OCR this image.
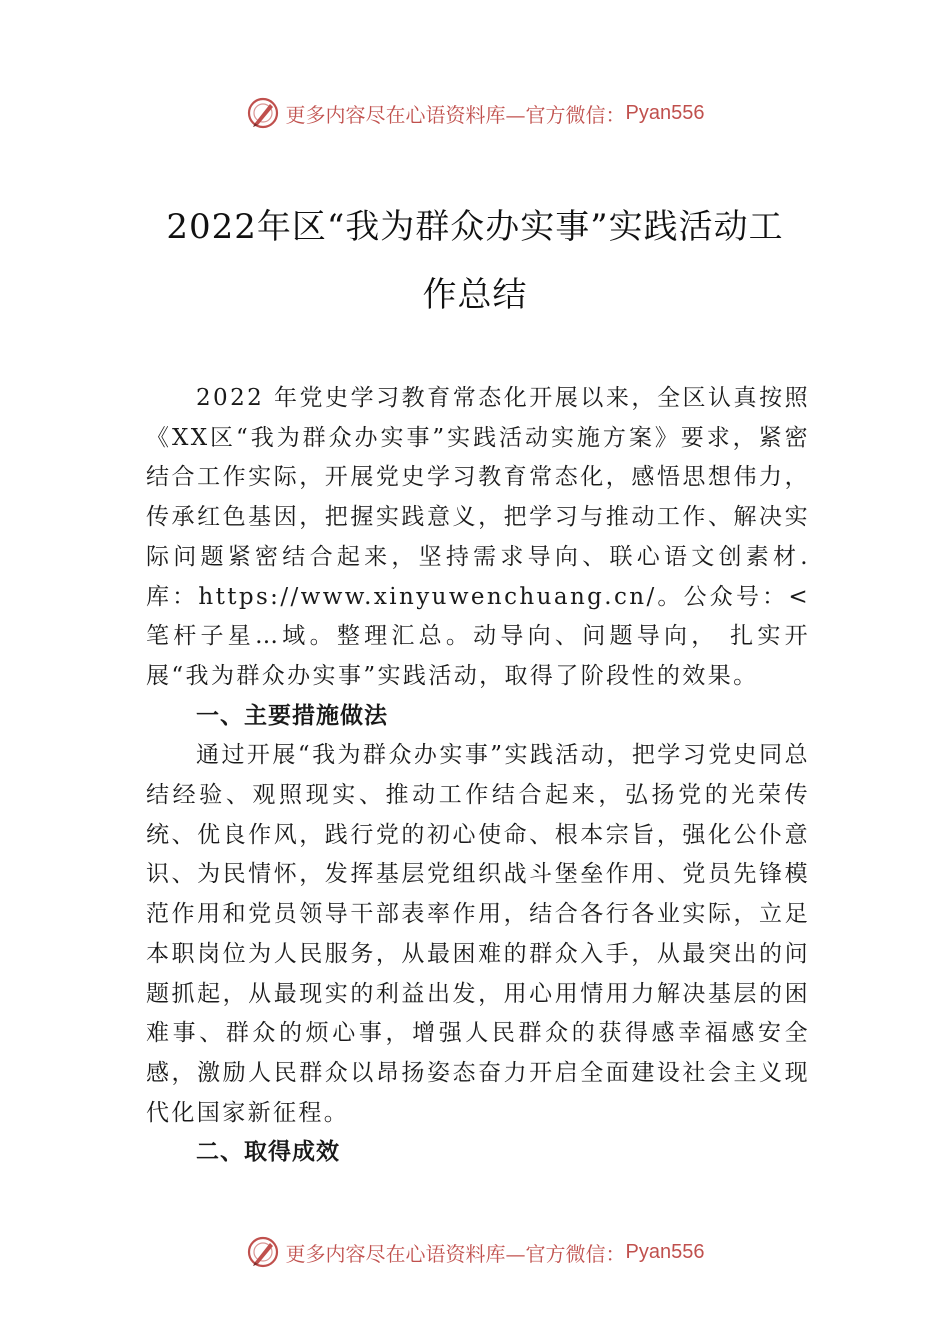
更多内容尽在心语资料库—官方微信： Pyan556
2022年区“我为群众办实事”实践活动工
作总结

2022 年党史学习教育常态化开展以来，全区认真按照《XX区“我为群众办实事”实践活动实施方案》要求，紧密结合工作实际，开展党史学习教育常态化，感悟思想伟力，传承红色基因，把握实践意义，把学习与推动工作、解决实际问题紧密结合起来，坚持需求导向、联心语文创素材.库：https://www.xinyuwenchuang.cn/。公众号：<笔杆子星…域。整理汇总。动导向、问题导向， 扎实开展“我为群众办实事”实践活动，取得了阶段性的效果。

一、主要措施做法

通过开展“我为群众办实事”实践活动，把学习党史同总结经验、观照现实、推动工作结合起来，弘扬党的光荣传统、优良作风，践行党的初心使命、根本宗旨，强化公仆意识、为民情怀，发挥基层党组织战斗堡垒作用、党员先锋模范作用和党员领导干部表率作用，结合各行各业实际，立足本职岗位为人民服务，从最困难的群众入手，从最突出的问题抓起，从最现实的利益出发，用心用情用力解决基层的困难事、群众的烦心事，增强人民群众的获得感幸福感安全感，激励人民群众以昂扬姿态奋力开启全面建设社会主义现代化国家新征程。

二、取得成效
更多内容尽在心语资料库—官方微信： Pyan556
